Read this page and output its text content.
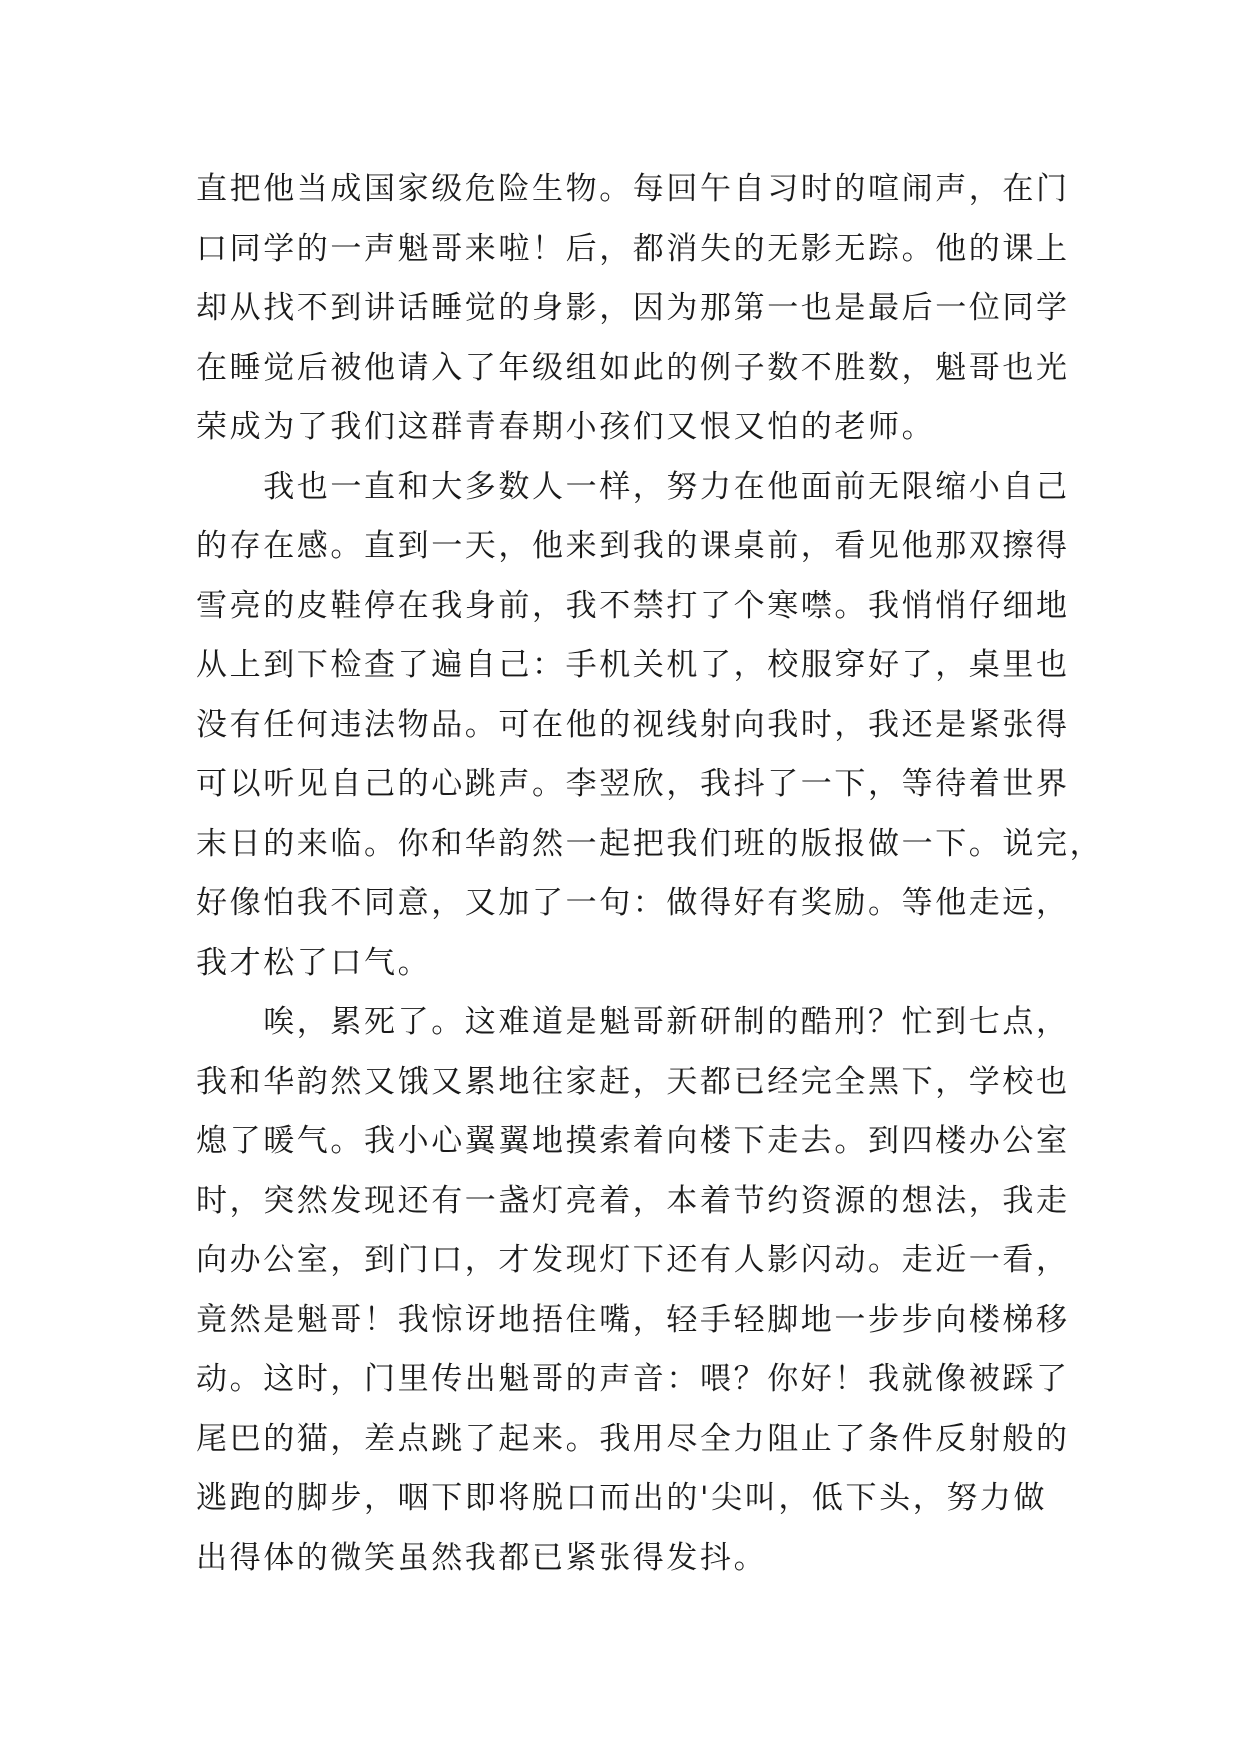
直把他当成国家级危险生物。每回午自习时的喧闹声，在门
口同学的一声魁哥来啦！后，都消失的无影无踪。他的课上
却从找不到讲话睡觉的身影，因为那第一也是最后一位同学
在睡觉后被他请入了年级组如此的例子数不胜数，魁哥也光
荣成为了我们这群青春期小孩们又恨又怕的老师。
　　我也一直和大多数人一样，努力在他面前无限缩小自己
的存在感。直到一天，他来到我的课桌前，看见他那双擦得
雪亮的皮鞋停在我身前，我不禁打了个寒噤。我悄悄仔细地
从上到下检查了遍自己：手机关机了，校服穿好了，桌里也
没有任何违法物品。可在他的视线射向我时，我还是紧张得
可以听见自己的心跳声。李翌欣，我抖了一下，等待着世界
末日的来临。你和华韵然一起把我们班的版报做一下。说完，
好像怕我不同意，又加了一句：做得好有奖励。等他走远，
我才松了口气。
　　唉，累死了。这难道是魁哥新研制的酷刑？忙到七点，
我和华韵然又饿又累地往家赶，天都已经完全黑下，学校也
熄了暖气。我小心翼翼地摸索着向楼下走去。到四楼办公室
时，突然发现还有一盏灯亮着，本着节约资源的想法，我走
向办公室，到门口，才发现灯下还有人影闪动。走近一看，
竟然是魁哥！我惊讶地捂住嘴，轻手轻脚地一步步向楼梯移
动。这时，门里传出魁哥的声音：喂？你好！我就像被踩了
尾巴的猫，差点跳了起来。我用尽全力阻止了条件反射般的
逃跑的脚步，咽下即将脱口而出的'尖叫，低下头，努力做
出得体的微笑虽然我都已紧张得发抖。
